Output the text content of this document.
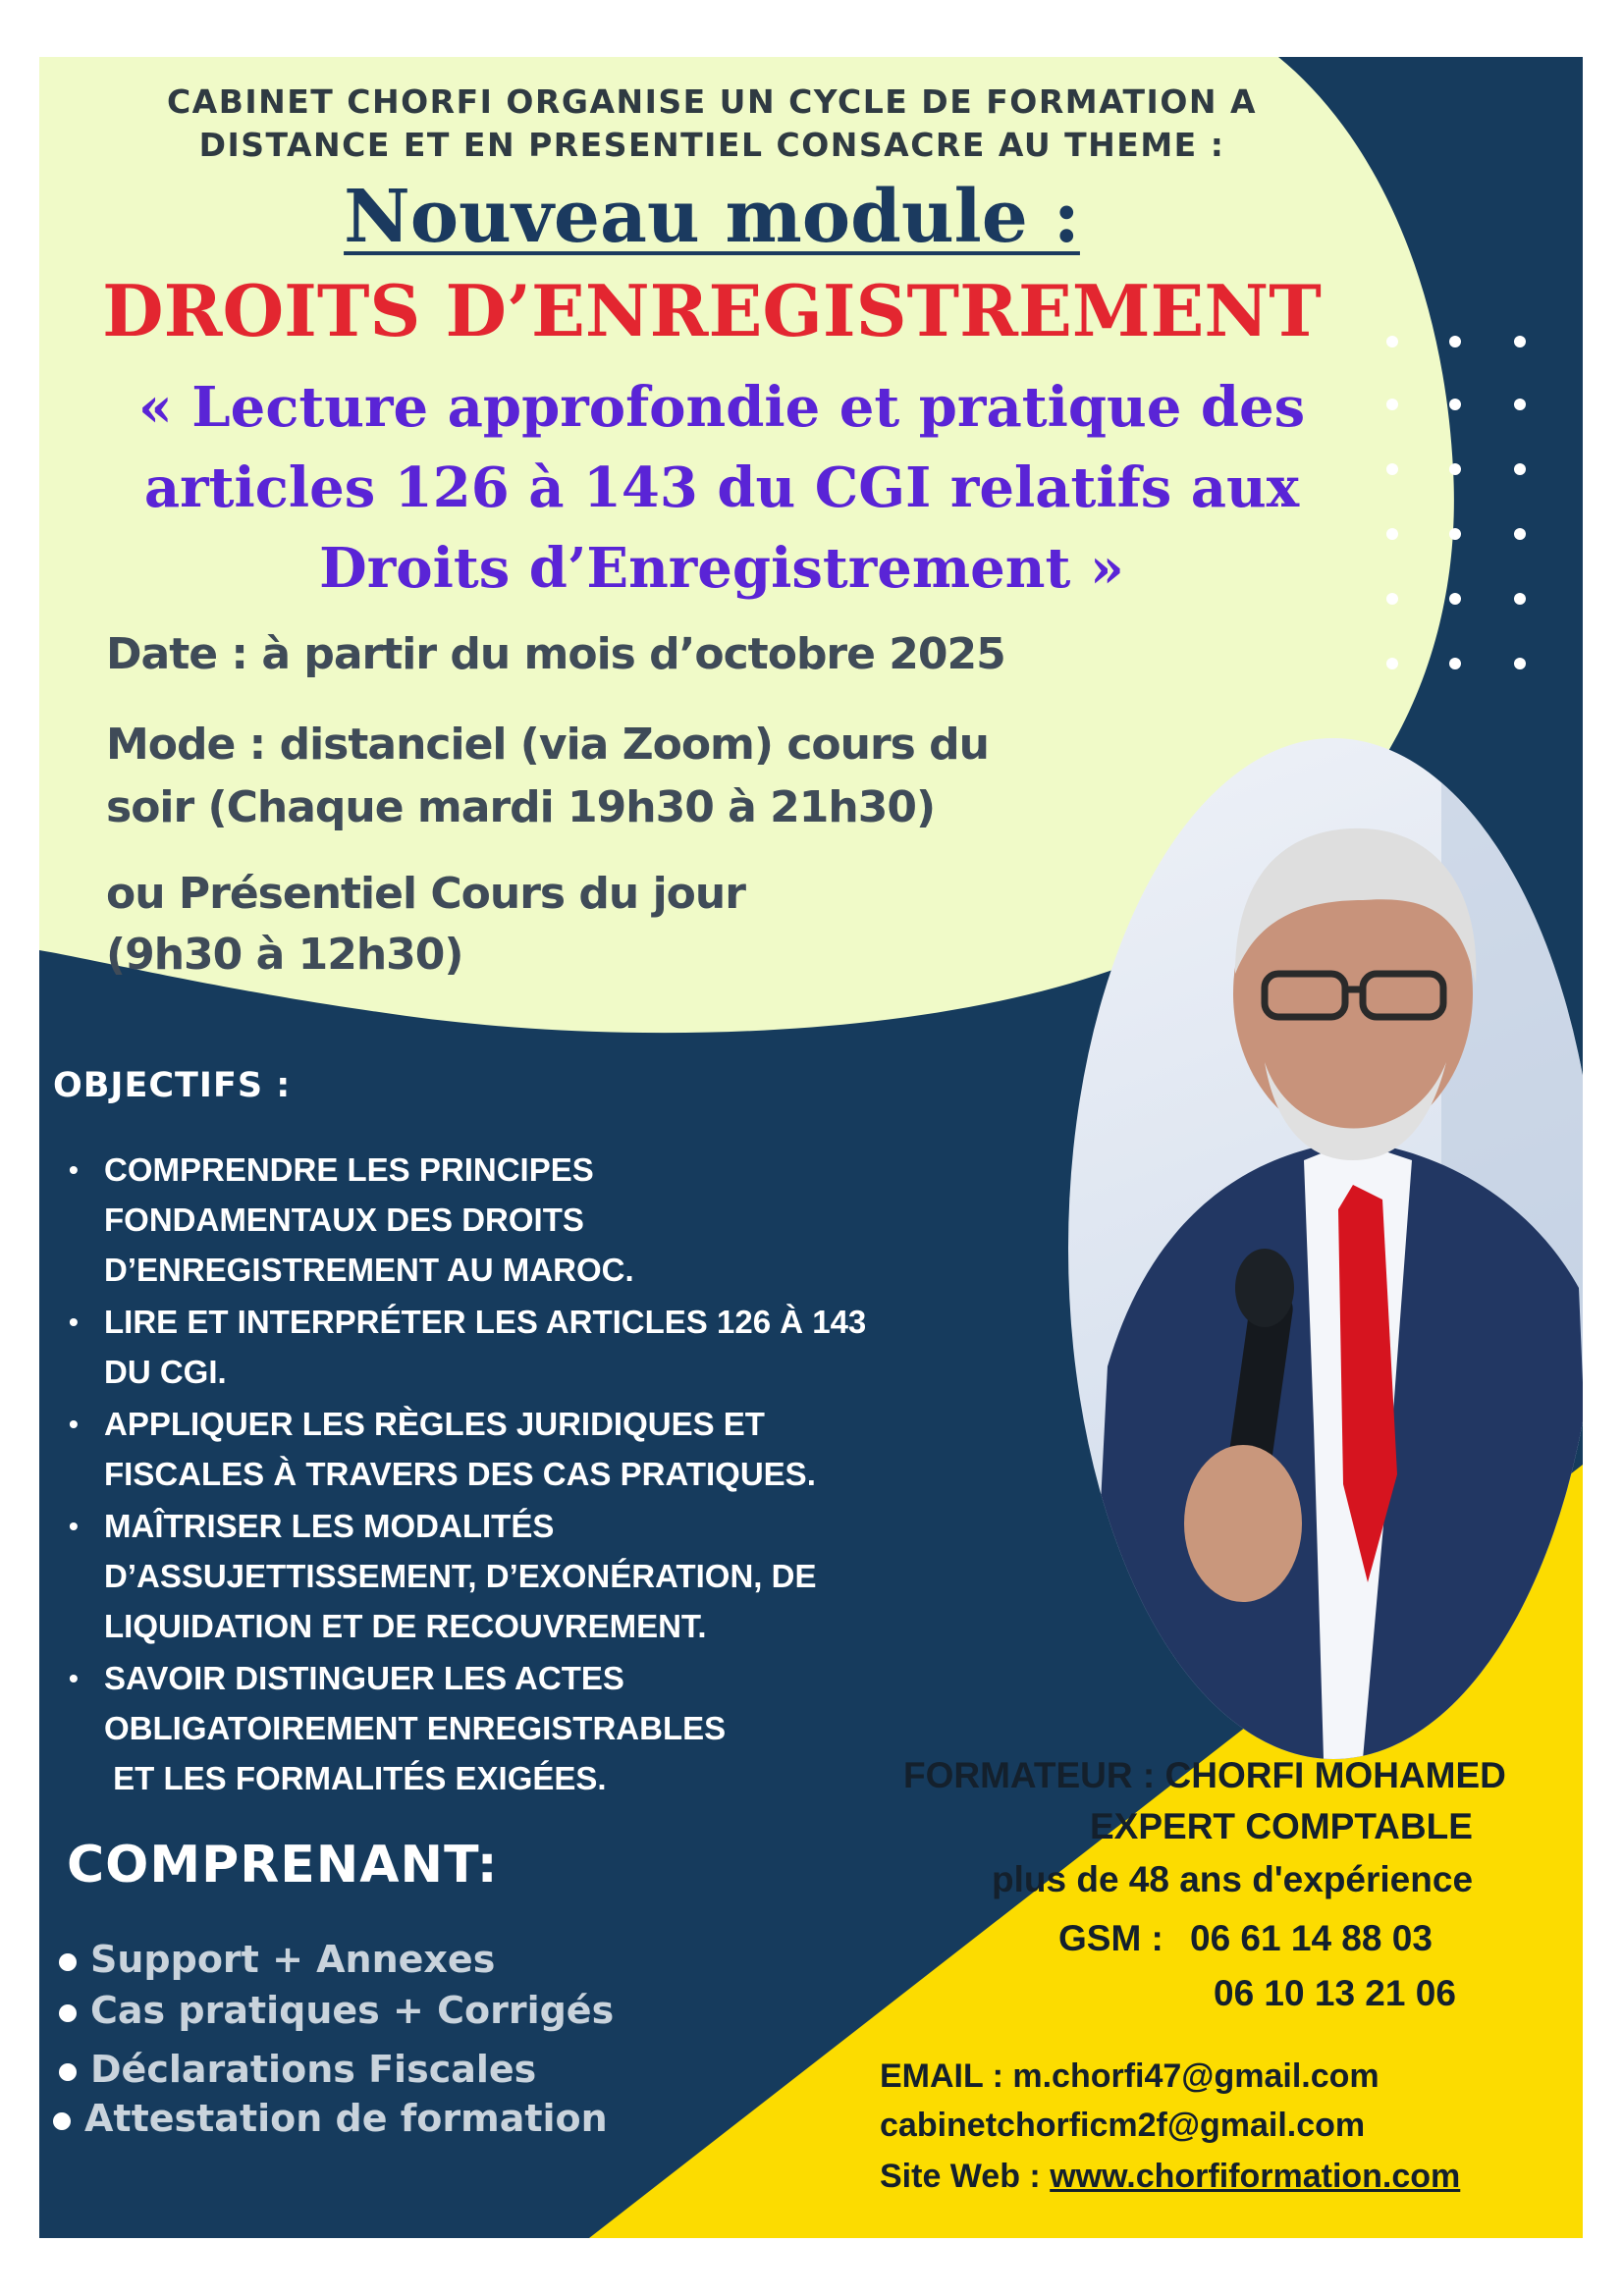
CABINET CHORFI ORGANISE UN CYCLE DE FORMATION A
DISTANCE ET EN PRESENTIEL CONSACRE AU THEME :
Nouveau module :
DROITS D’ENREGISTREMENT
« Lecture approfondie et pratique des
articles 126 à 143 du CGI relatifs aux
Droits d’Enregistrement »
Date : à partir du mois d’octobre 2025
Mode : distanciel (via Zoom) cours du
soir (Chaque mardi 19h30 à 21h30)
ou Présentiel Cours du jour
(9h30 à 12h30)
OBJECTIFS :
• COMPRENDRE LES PRINCIPES
FONDAMENTAUX DES DROITS
D’ENREGISTREMENT AU MAROC.
• LIRE ET INTERPRÉTER LES ARTICLES 126 À 143
DU CGI.
• APPLIQUER LES RÈGLES JURIDIQUES ET
FISCALES À TRAVERS DES CAS PRATIQUES.
• MAÎTRISER LES MODALITÉS
D’ASSUJETTISSEMENT, D’EXONÉRATION, DE
LIQUIDATION ET DE RECOUVREMENT.
• SAVOIR DISTINGUER LES ACTES
OBLIGATOIREMENT ENREGISTRABLES
ET LES FORMALITÉS EXIGÉES.
COMPRENANT:
Support + Annexes
Cas pratiques + Corrigés
Déclarations Fiscales
Attestation de formation
FORMATEUR : CHORFI MOHAMED
EXPERT COMPTABLE
plus de 48 ans d'expérience
GSM : 06 61 14 88 03
06 10 13 21 06
EMAIL : m.chorfi47@gmail.com
cabinetchorficm2f@gmail.com
Site Web : www.chorfiformation.com
